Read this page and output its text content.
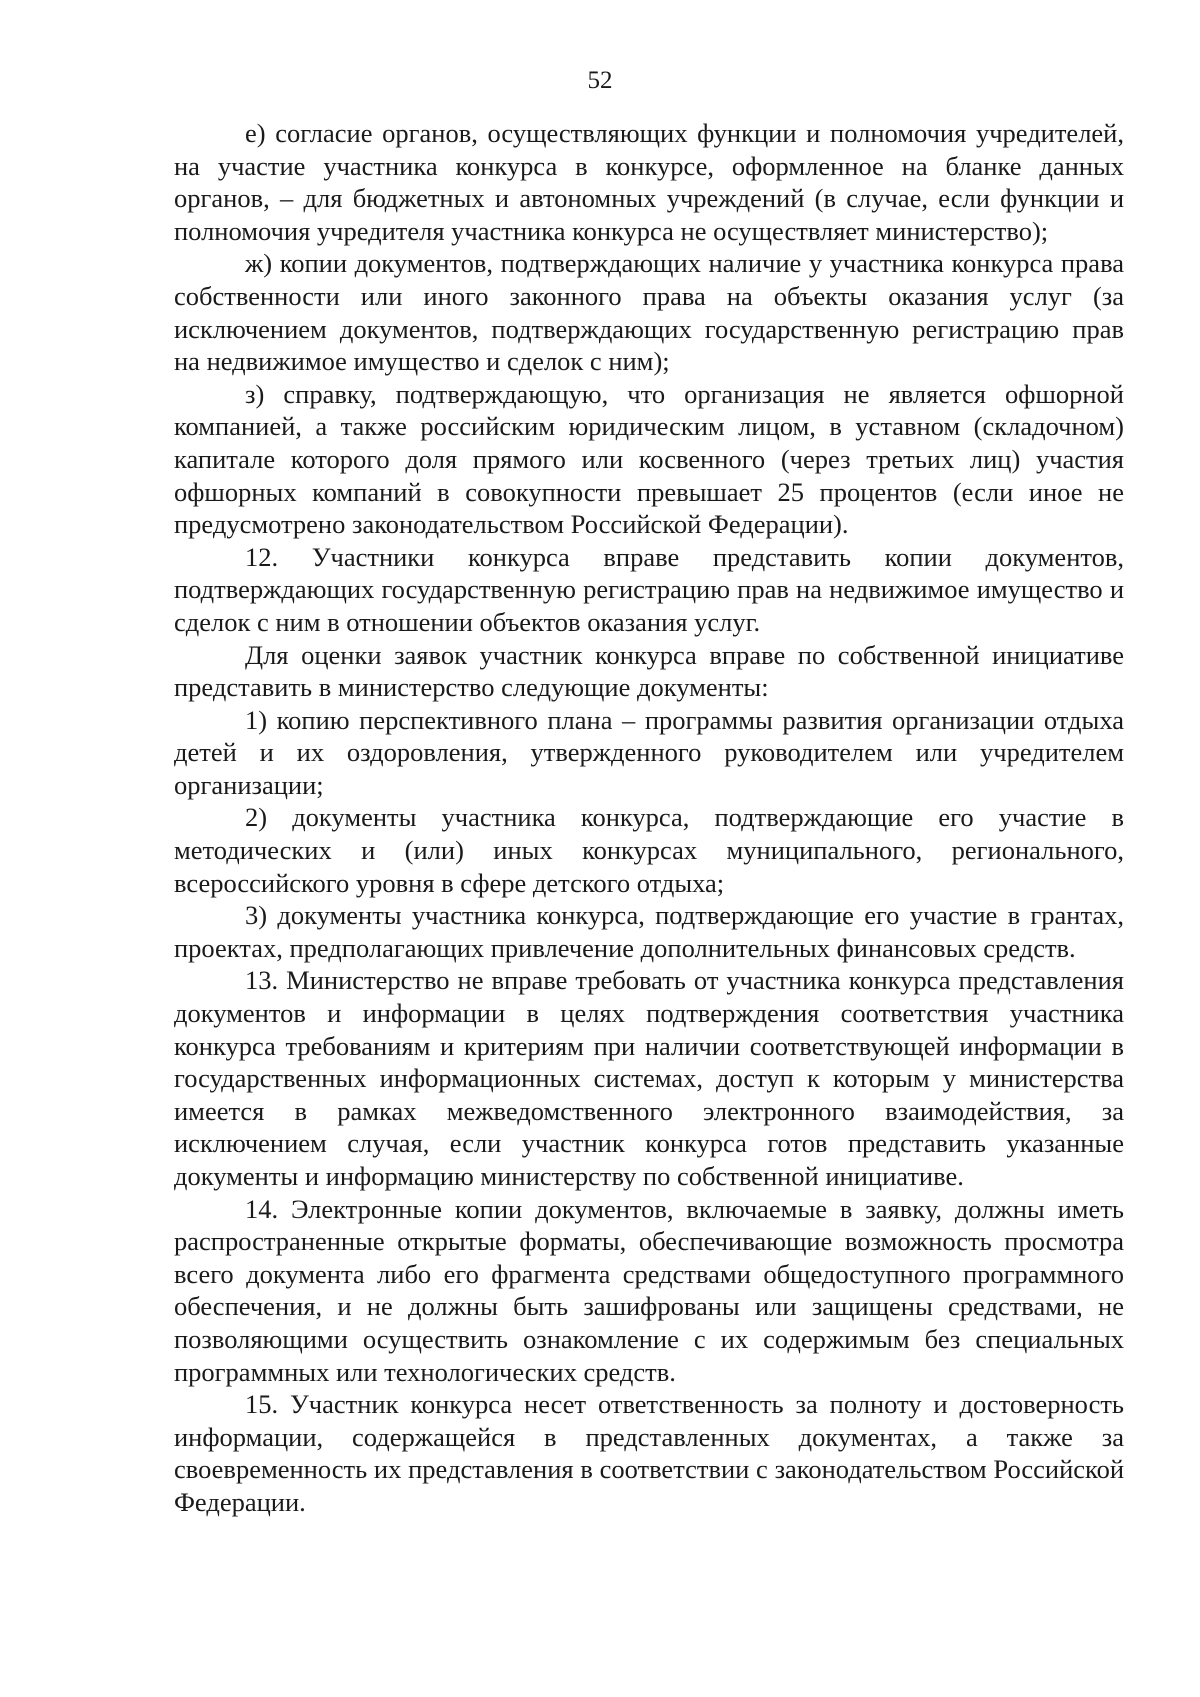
52

е) согласие органов, осуществляющих функции и полномочия учредителей, на участие участника конкурса в конкурсе, оформленное на бланке данных органов, – для бюджетных и автономных учреждений (в случае, если функции и полномочия учредителя участника конкурса не осуществляет министерство);

ж) копии документов, подтверждающих наличие у участника конкурса права собственности или иного законного права на объекты оказания услуг (за исключением документов, подтверждающих государственную регистрацию прав на недвижимое имущество и сделок с ним);

з) справку, подтверждающую, что организация не является офшорной компанией, а также российским юридическим лицом, в уставном (складочном) капитале которого доля прямого или косвенного (через третьих лиц) участия офшорных компаний в совокупности превышает 25 процентов (если иное не предусмотрено законодательством Российской Федерации).

12. Участники конкурса вправе представить копии документов, подтверждающих государственную регистрацию прав на недвижимое имущество и сделок с ним в отношении объектов оказания услуг.

Для оценки заявок участник конкурса вправе по собственной инициативе представить в министерство следующие документы:

1) копию перспективного плана – программы развития организации отдыха детей и их оздоровления, утвержденного руководителем или учредителем организации;

2) документы участника конкурса, подтверждающие его участие в методических и (или) иных конкурсах муниципального, регионального, всероссийского уровня в сфере детского отдыха;

3) документы участника конкурса, подтверждающие его участие в грантах, проектах, предполагающих привлечение дополнительных финансовых средств.

13. Министерство не вправе требовать от участника конкурса представления документов и информации в целях подтверждения соответствия участника конкурса требованиям и критериям при наличии соответствующей информации в государственных информационных системах, доступ к которым у министерства имеется в рамках межведомственного электронного взаимодействия, за исключением случая, если участник конкурса готов представить указанные документы и информацию министерству по собственной инициативе.

14. Электронные копии документов, включаемые в заявку, должны иметь распространенные открытые форматы, обеспечивающие возможность просмотра всего документа либо его фрагмента средствами общедоступного программного обеспечения, и не должны быть зашифрованы или защищены средствами, не позволяющими осуществить ознакомление с их содержимым без специальных программных или технологических средств.

15. Участник конкурса несет ответственность за полноту и достоверность информации, содержащейся в представленных документах, а также за своевременность их представления в соответствии с законодательством Российской Федерации.
